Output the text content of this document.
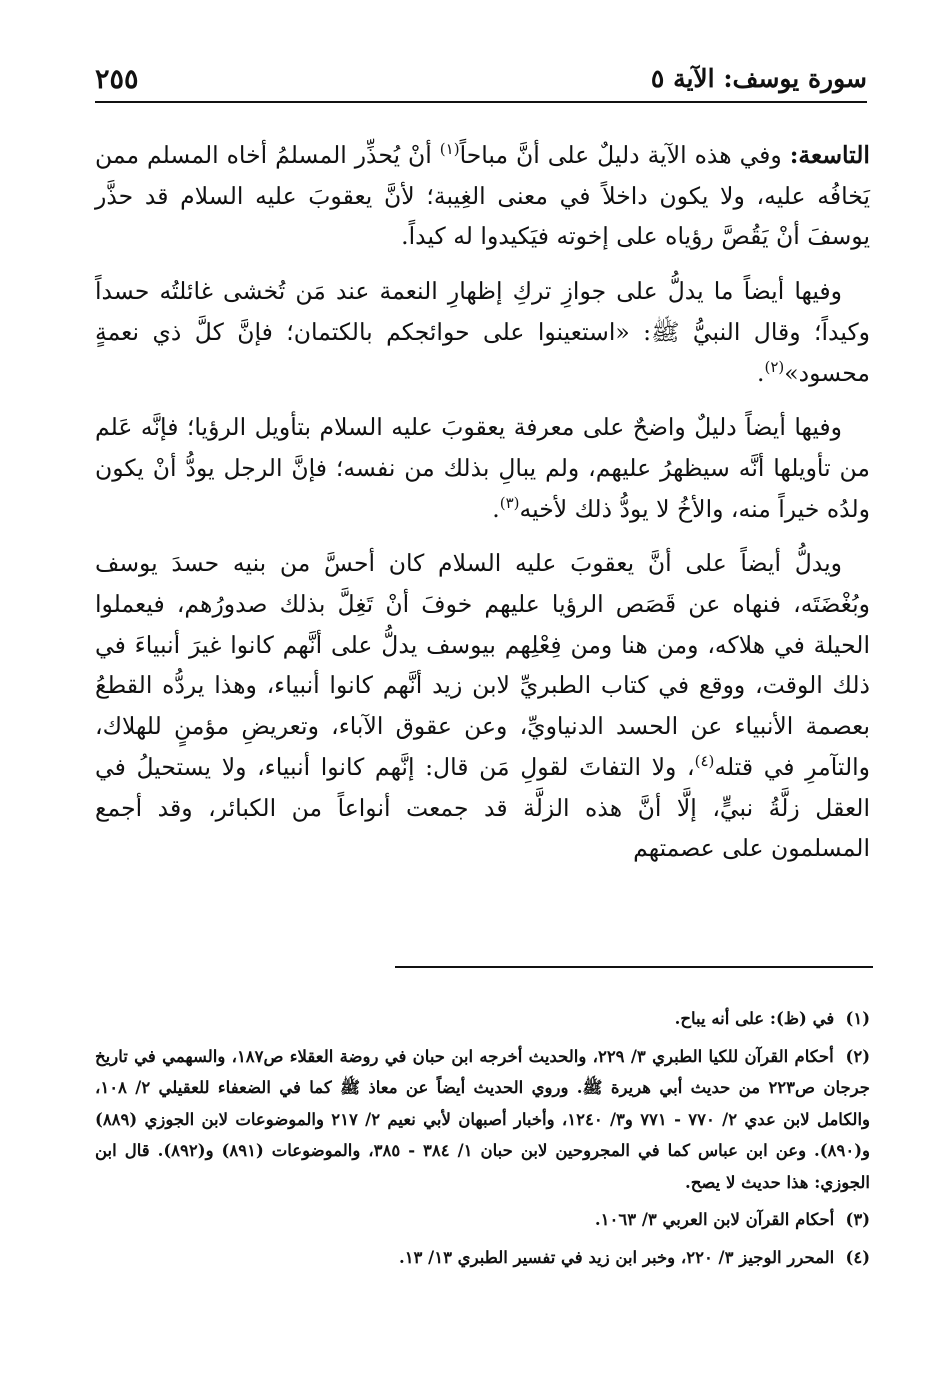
سورة يوسف: الآية ٥
٢٥٥

التاسعة: وفي هذه الآية دليلٌ على أنَّ مباحاً$^{(١)}$ أنْ يُحذِّر المسلمُ أخاه المسلم ممن يَخافُه عليه، ولا يكون داخلاً في معنى الغِيبة؛ لأنَّ يعقوبَ عليه السلام قد حذَّر يوسفَ أنْ يَقُصَّ رؤياه على إخوته فيَكيدوا له كيداً.

وفيها أيضاً ما يدلُّ على جوازِ تركِ إظهارِ النعمة عند مَن تُخشى غائلتُه حسداً وكيداً؛ وقال النبيُّ ﷺ: «استعينوا على حوائجكم بالكتمان؛ فإنَّ كلَّ ذي نعمةٍ محسود»$^{(٢)}$.

وفيها أيضاً دليلٌ واضحٌ على معرفة يعقوبَ عليه السلام بتأويل الرؤيا؛ فإنَّه عَلم من تأويلها أنَّه سيظهرُ عليهم، ولم يبالِ بذلك من نفسه؛ فإنَّ الرجل يودُّ أنْ يكون ولدُه خيراً منه، والأخُ لا يودُّ ذلك لأخيه$^{(٣)}$.

ويدلُّ أيضاً على أنَّ يعقوبَ عليه السلام كان أحسَّ من بنيه حسدَ يوسف وبُغْضَتَه، فنهاه عن قَصَص الرؤيا عليهم خوفَ أنْ تَغِلَّ بذلك صدورُهم، فيعملوا الحيلة في هلاكه، ومن هنا ومن فِعْلِهم بيوسف يدلُّ على أنَّهم كانوا غيرَ أنبياءَ في ذلك الوقت، ووقع في كتاب الطبريِّ لابن زيد أنَّهم كانوا أنبياء، وهذا يردُّه القطعُ بعصمة الأنبياء عن الحسد الدنياويِّ، وعن عقوق الآباء، وتعريضِ مؤمنٍ للهلاك، والتآمرِ في قتله$^{(٤)}$، ولا التفاتَ لقولِ مَن قال: إنَّهم كانوا أنبياء، ولا يستحيلُ في العقل زلَّةُ نبيٍّ، إلَّا أنَّ هذه الزلَّة قد جمعت أنواعاً من الكبائر، وقد أجمع المسلمون على عصمتهم

(١) في (ظ): على أنه يباح.
(٢) أحكام القرآن للكيا الطبري ٣/ ٢٢٩، والحديث أخرجه ابن حبان في روضة العقلاء ص١٨٧، والسهمي في تاريخ جرجان ص٢٢٣ من حديث أبي هريرة ﷺ. وروي الحديث أيضاً عن معاذ ﷺ كما في الضعفاء للعقيلي ٢/ ١٠٨، والكامل لابن عدي ٢/ ٧٧٠ - ٧٧١ و٣/ ١٢٤٠، وأخبار أصبهان لأبي نعيم ٢/ ٢١٧ والموضوعات لابن الجوزي (٨٨٩) و(٨٩٠). وعن ابن عباس كما في المجروحين لابن حبان ١/ ٣٨٤ - ٣٨٥، والموضوعات (٨٩١) و(٨٩٢). قال ابن الجوزي: هذا حديث لا يصح.
(٣) أحكام القرآن لابن العربي ٣/ ١٠٦٣.
(٤) المحرر الوجيز ٣/ ٢٢٠، وخبر ابن زيد في تفسير الطبري ١٣/ ١٣.
